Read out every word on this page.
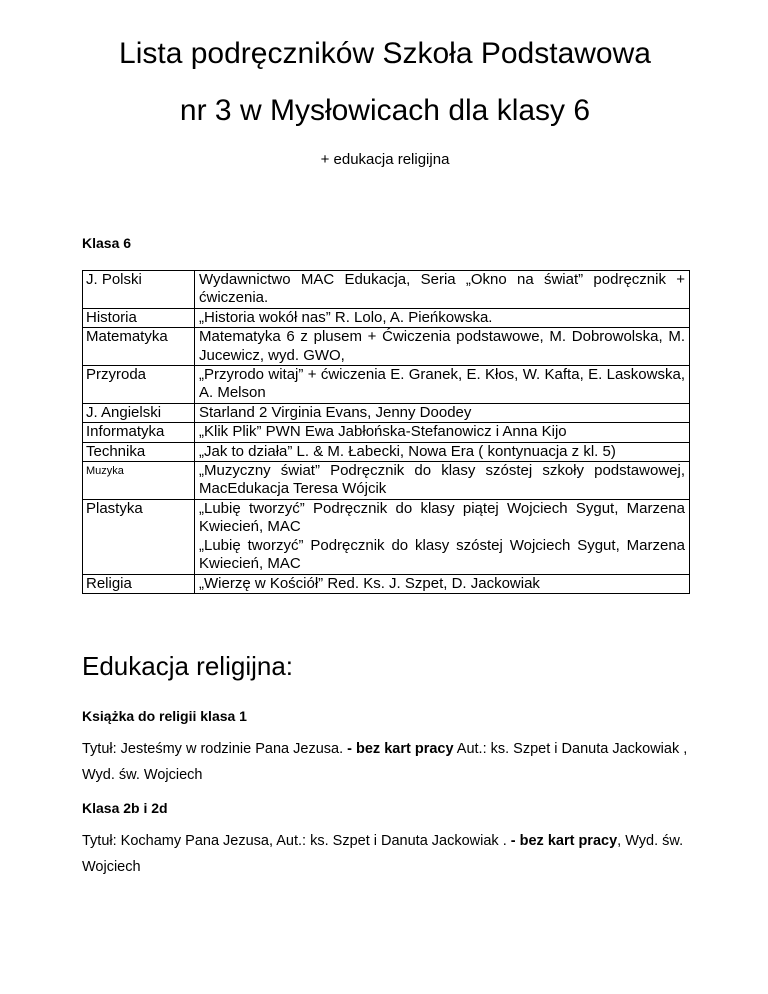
Lista podręczników Szkoła Podstawowa
nr 3 w Mysłowicach dla klasy 6
+ edukacja religijna
Klasa 6
J. Polski	Wydawnictwo MAC Edukacja, Seria „Okno na świat” podręcznik + ćwiczenia.
Historia	„Historia wokół nas” R. Lolo, A. Pieńkowska.
Matematyka	Matematyka 6 z plusem + Ćwiczenia podstawowe, M. Dobrowolska, M. Jucewicz, wyd. GWO,
Przyroda	„Przyrodo witaj” + ćwiczenia E. Granek, E. Kłos, W. Kafta, E. Laskowska, A. Melson
J. Angielski	Starland 2 Virginia Evans, Jenny Doodey
Informatyka	„Klik Plik” PWN Ewa Jabłońska-Stefanowicz i Anna Kijo
Technika	„Jak to działa” L. & M. Łabecki, Nowa Era ( kontynuacja z kl. 5)
Muzyka	„Muzyczny świat” Podręcznik do klasy szóstej szkoły podstawowej, MacEdukacja Teresa Wójcik
Plastyka	„Lubię tworzyć” Podręcznik do klasy piątej Wojciech Sygut, Marzena Kwiecień, MAC
„Lubię tworzyć” Podręcznik do klasy szóstej Wojciech Sygut, Marzena Kwiecień, MAC

Religia	„Wierzę w Kościół” Red. Ks. J. Szpet, D. Jackowiak
Edukacja religijna:
Książka do religii klasa 1
Tytuł: Jesteśmy w rodzinie Pana Jezusa. - bez kart pracy Aut.: ks. Szpet i Danuta Jackowiak , Wyd. św. Wojciech
Klasa 2b i 2d
Tytuł: Kochamy Pana Jezusa, Aut.: ks. Szpet i Danuta Jackowiak . - bez kart pracy, Wyd. św. Wojciech
